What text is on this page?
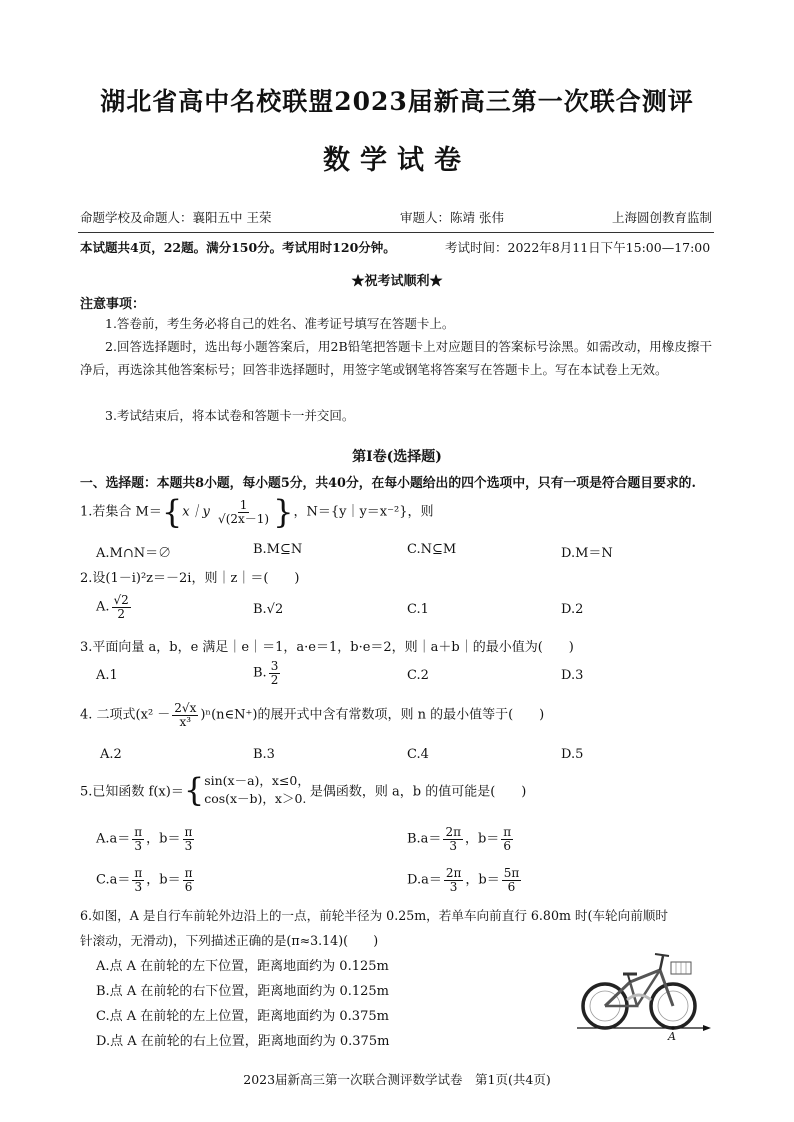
湖北省高中名校联盟2023届新高三第一次联合测评
数学试卷
命题学校及命题人：襄阳五中 王荣	审题人：陈靖 张伟	上海圆创教育监制
本试题共4页，22题。满分150分。考试用时120分钟。	考试时间：2022年8月11日下午15:00—17:00
★祝考试顺利★
注意事项：
1.答卷前，考生务必将自己的姓名、准考证号填写在答题卡上。
2.回答选择题时，选出每小题答案后，用2B铅笔把答题卡上对应题目的答案标号涂黑。如需改动，用橡皮擦干净后，再选涂其他答案标号；回答非选择题时，用签字笔或钢笔将答案写在答题卡上。写在本试卷上无效。
3.考试结束后，将本试卷和答题卡一并交回。
第Ⅰ卷(选择题)
一、选择题：本题共8小题，每小题5分，共40分，在每小题给出的四个选项中，只有一项是符合题目要求的.
1.若集合 M＝{x｜y $\frac{1}{√(2x-1)}$ }，N＝{y｜y＝x⁻²}，则
A.M∩N＝∅	B.M⊆N	C.N⊆M	D.M＝N
2.设(1－i)²z＝－2i，则｜z｜＝(　　)
A. $\frac{√2}{2}$	B.√2	C.1	D.2
3.平面向量 a，b，e 满足｜e｜＝1，a·e＝1，b·e＝2，则｜a＋b｜的最小值为(　　)
A.1	B. $\frac{3}{2}$	C.2	D.3
4. 二项式($x^2 - \frac{2√x}{\text{x³}}$ )ⁿ(n∈N⁺)的展开式中含有常数项，则 n 的最小值等于(　　)
A.2	B.3	C.4	D.5
5.已知函数 f(x)＝{sin(x－a)，x≤0，
cos(x－b)，x＞0. 是偶函数，则 a，b 的值可能是(　　)
$A.a= \frac{\pi}{3}$ ，$b= \frac{\pi}{3}$	$B.a= \frac{2\pi}{3}$ ，$b= \frac{\pi}{6}$
$C.a= \frac{\pi}{3}$ ，$b= \frac{\pi}{6}$	$D.a= \frac{2\pi}{3}$ ，$b= \frac{5\pi}{6}$
6.如图，A 是自行车前轮外边沿上的一点，前轮半径为 0.25m，若单车向前直行 6.80m 时(车轮向前顺时
针滚动，无滑动)，下列描述正确的是(π≈3.14)(　　)
A.点 A 在前轮的左下位置，距离地面约为 0.125m
B.点 A 在前轮的右下位置，距离地面约为 0.125m
C.点 A 在前轮的左上位置，距离地面约为 0.375m
D.点 A 在前轮的右上位置，距离地面约为 0.375m	A
2023届新高三第一次联合测评数学试卷　第1页(共4页)
